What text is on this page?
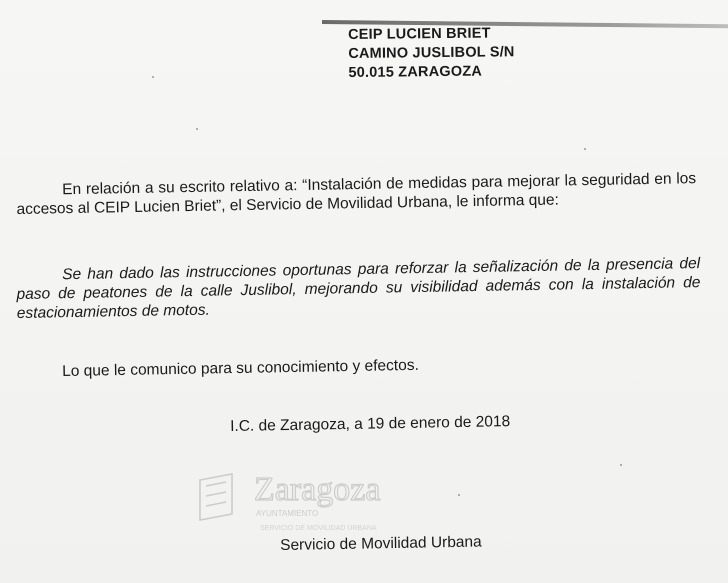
CEIP LUCIEN BRIET
CAMINO JUSLIBOL S/N
50.015 ZARAGOZA
En relación a su escrito relativo a: “Instalación de medidas para mejorar la seguridad en los accesos al CEIP Lucien Briet”, el Servicio de Movilidad Urbana, le informa que:
Se han dado las instrucciones oportunas para reforzar la señalización de la presencia del paso de peatones de la calle Juslibol, mejorando su visibilidad además con la instalación de estacionamientos de motos.
Lo que le comunico para su conocimiento y efectos.
I.C. de Zaragoza, a 19 de enero de 2018
Zaragoza
AYUNTAMIENTO
SERVICIO DE MOVILIDAD URBANA
Servicio de Movilidad Urbana
